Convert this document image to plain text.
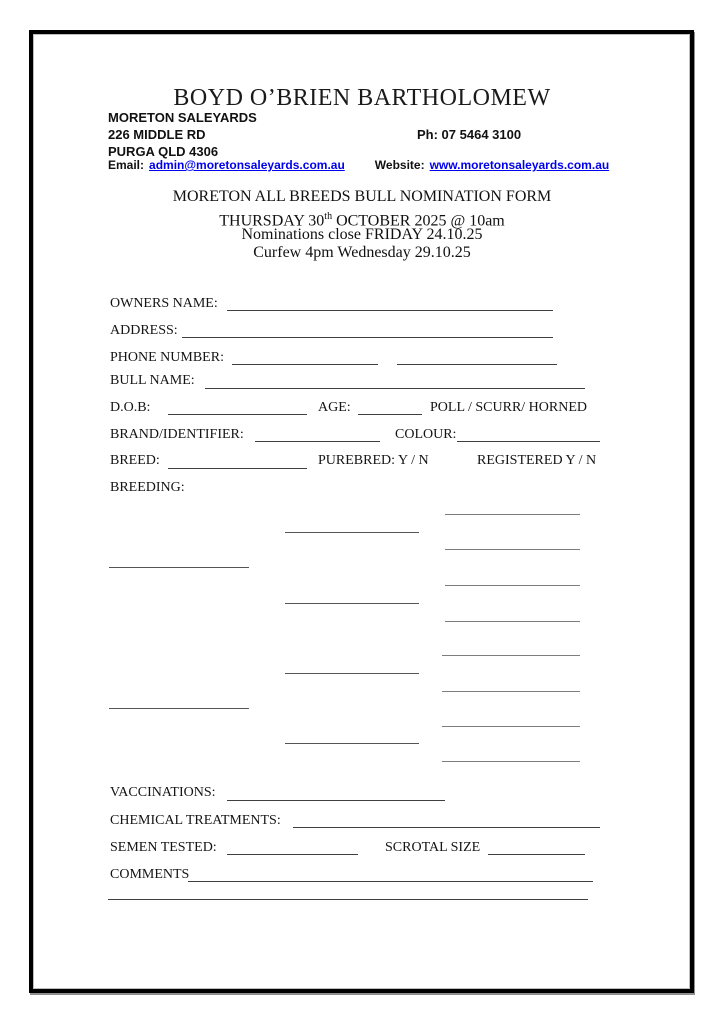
BOYD O’BRIEN BARTHOLOMEW
MORETON SALEYARDS
226 MIDDLE RD	Ph: 07 5464 3100
PURGA QLD 4306
Email: admin@moretonsaleyards.com.au	Website: www.moretonsaleyards.com.au
MORETON ALL BREEDS BULL NOMINATION FORM
THURSDAY 30th OCTOBER 2025 @ 10am
Nominations close FRIDAY 24.10.25
Curfew 4pm Wednesday 29.10.25
OWNERS NAME:
ADDRESS:
PHONE NUMBER:
BULL NAME:
D.O.B:	AGE:	POLL / SCURR/ HORNED
BRAND/IDENTIFIER:	COLOUR:
BREED:	PUREBRED: Y / N	REGISTERED Y / N
BREEDING:
VACCINATIONS:
CHEMICAL TREATMENTS:
SEMEN TESTED:	SCROTAL SIZE
COMMENTS
